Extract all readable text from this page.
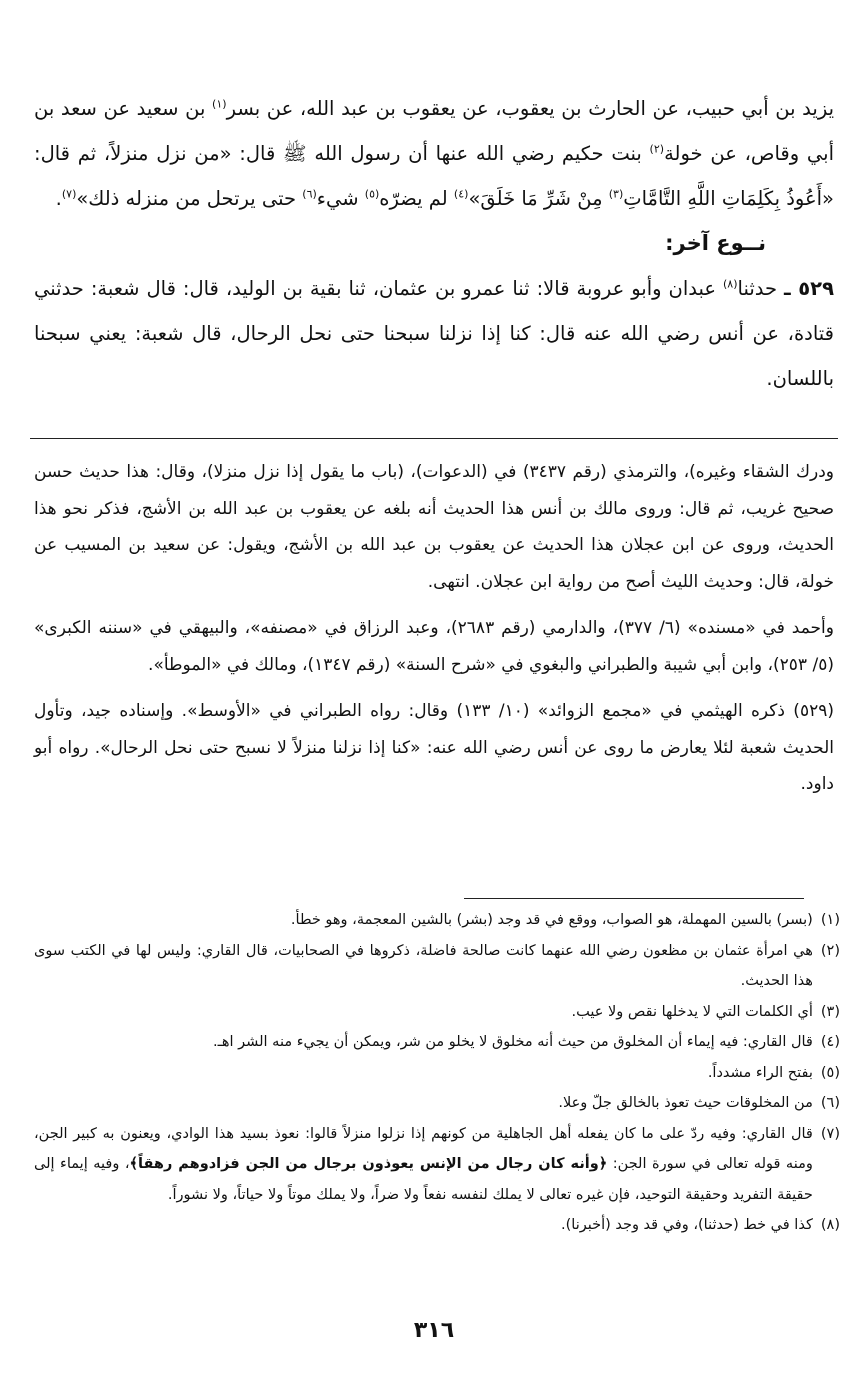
يزيد بن أبي حبيب، عن الحارث بن يعقوب، عن يعقوب بن عبد الله، عن بسر$^{(١)}$ بن سعيد عن سعد بن أبي وقاص، عن خولة$^{(٢)}$ بنت حكيم رضي الله عنها أن رسول الله ﷺ قال: «من نزل منزلاً، ثم قال: «أَعُوذُ بِكَلِمَاتِ اللَّهِ التَّامَّاتِ$^{(٣)}$ مِنْ شَرِّ مَا خَلَقَ»$^{(٤)}$ لم يضرّه$^{(٥)}$ شيء$^{(٦)}$ حتى يرتحل من منزله ذلك»$^{(٧)}$.

نــوع آخر:

٥٢٩ ـ حدثنا$^{(٨)}$ عبدان وأبو عروبة قالا: ثنا عمرو بن عثمان، ثنا بقية بن الوليد، قال: قال شعبة: حدثني قتادة، عن أنس رضي الله عنه قال: كنا إذا نزلنا سبحنا حتى نحل الرحال، قال شعبة: يعني سبحنا باللسان.

ودرك الشقاء وغيره)، والترمذي (رقم ٣٤٣٧) في (الدعوات)، (باب ما يقول إذا نزل منزلا)، وقال: هذا حديث حسن صحيح غريب، ثم قال: وروى مالك بن أنس هذا الحديث أنه بلغه عن يعقوب بن عبد الله بن الأشج، فذكر نحو هذا الحديث، وروى عن ابن عجلان هذا الحديث عن يعقوب بن عبد الله بن الأشج، ويقول: عن سعيد بن المسيب عن خولة، قال: وحديث الليث أصح من رواية ابن عجلان. انتهى.

وأحمد في «مسنده» (٦/ ٣٧٧)، والدارمي (رقم ٢٦٨٣)، وعبد الرزاق في «مصنفه»، والبيهقي في «سننه الكبرى» (٥/ ٢٥٣)، وابن أبي شيبة والطبراني والبغوي في «شرح السنة» (رقم ١٣٤٧)، ومالك في «الموطأ».

(٥٢٩) ذكره الهيثمي في «مجمع الزوائد» (١٠/ ١٣٣) وقال: رواه الطبراني في «الأوسط». وإسناده جيد، وتأول الحديث شعبة لئلا يعارض ما روى عن أنس رضي الله عنه: «كنا إذا نزلنا منزلاً لا نسبح حتى نحل الرحال». رواه أبو داود.

(١)
(بسر) بالسين المهملة، هو الصواب، ووقع في قد وجد (بشر) بالشين المعجمة، وهو خطأ.
(٢)
هي امرأة عثمان بن مظعون رضي الله عنهما كانت صالحة فاضلة، ذكروها في الصحابيات، قال القاري: وليس لها في الكتب سوى هذا الحديث.
(٣)
أي الكلمات التي لا يدخلها نقص ولا عيب.
(٤)
قال القاري: فيه إيماء أن المخلوق من حيث أنه مخلوق لا يخلو من شر، ويمكن أن يجيء منه الشر اهـ.
(٥)
بفتح الراء مشدداً.
(٦)
من المخلوقات حيث تعوذ بالخالق جلّ وعلا.
(٧)
قال القاري: وفيه ردّ على ما كان يفعله أهل الجاهلية من كونهم إذا نزلوا منزلاً قالوا: نعوذ بسيد هذا الوادي، ويعنون به كبير الجن، ومنه قوله تعالى في سورة الجن: ﴿وأنه كان رجال من الإنس يعوذون برجال من الجن فزادوهم رهقاً﴾، وفيه إيماء إلى حقيقة التفريد وحقيقة التوحيد، فإن غيره تعالى لا يملك لنفسه نفعاً ولا ضراً، ولا يملك موتاً ولا حياتاً، ولا نشوراً.
(٨)
كذا في خط (حدثنا)، وفي قد وجد (أخبرنا).
٣١٦
